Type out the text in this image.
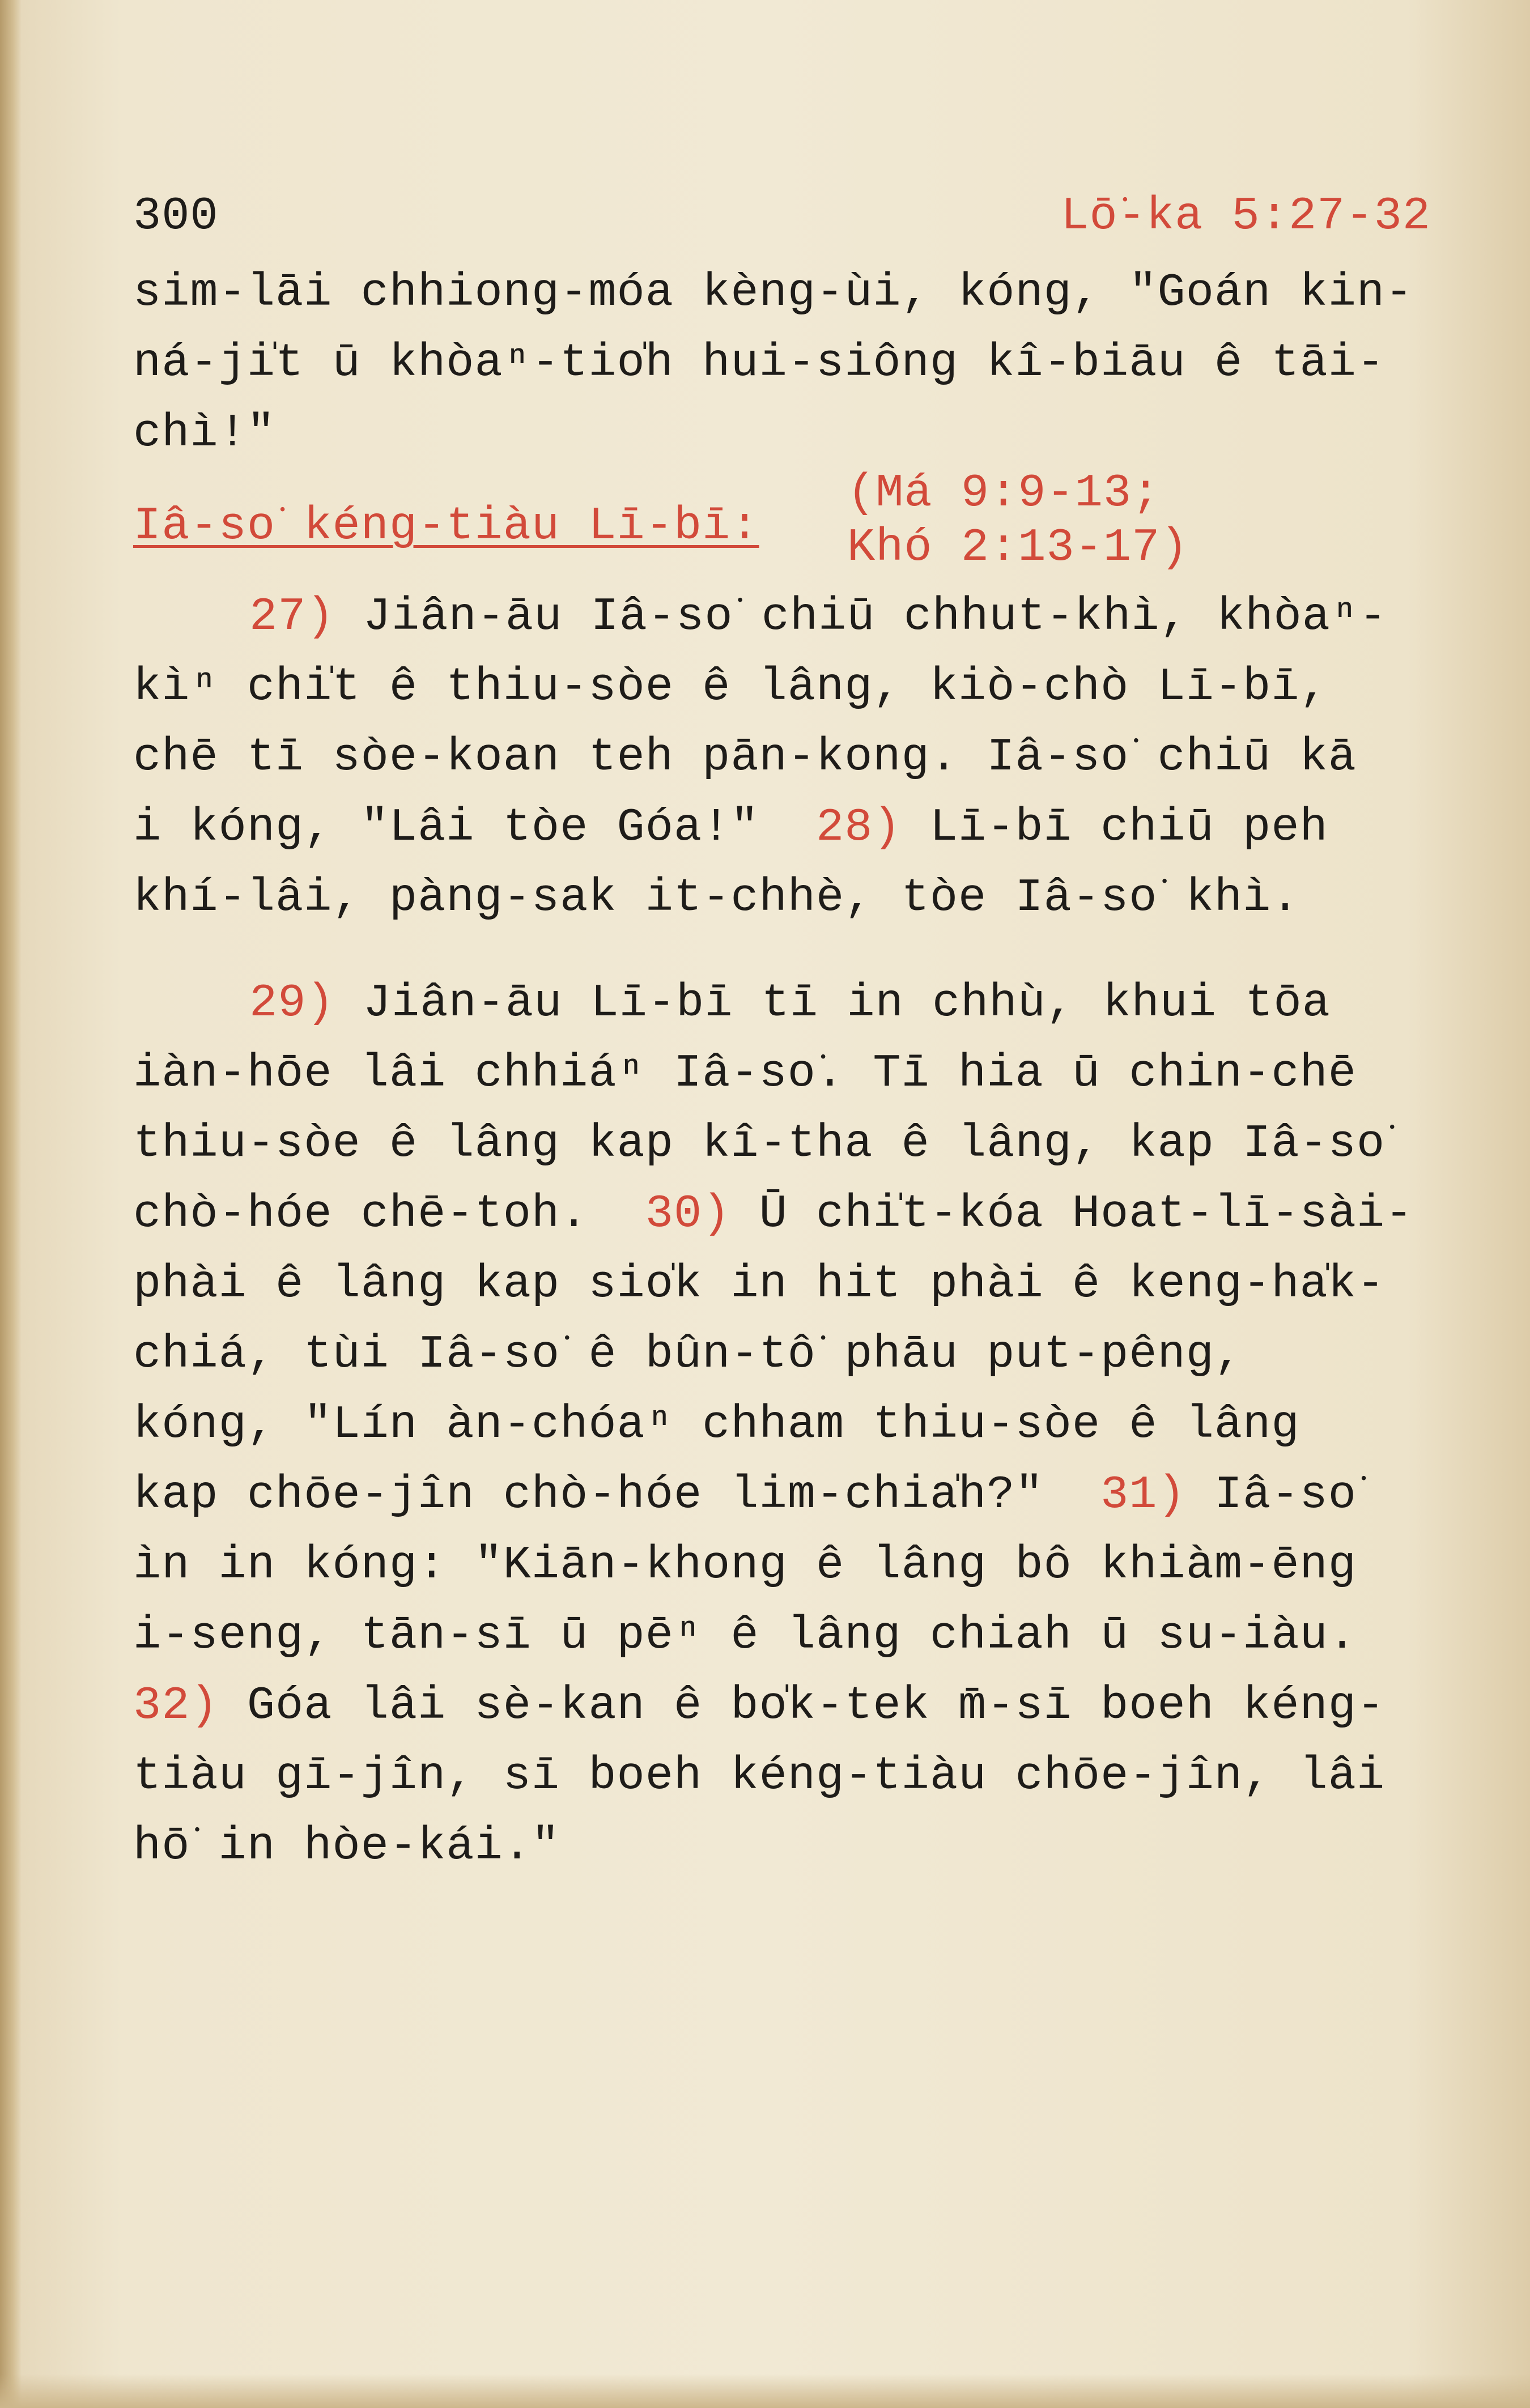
300	Lō͘-ka 5:27-32
sim-lāi chhiong-móa kèng-ùi, kóng, "Goán kin-
ná-ji̍t ū khòaⁿ-tio̍h hui-siông kî-biāu ê tāi-
chì!"
Iâ-so͘ kéng-tiàu Lī-bī:
(Má 9:9-13;
Khó 2:13-17)
27) Jiân-āu Iâ-so͘ chiū chhut-khì, khòaⁿ-
kìⁿ chi̍t ê thiu-sòe ê lâng, kiò-chò Lī-bī,
chē tī sòe-koan teh pān-kong. Iâ-so͘ chiū kā
i kóng, "Lâi tòe Góa!"  28) Lī-bī chiū peh
khí-lâi, pàng-sak it-chhè, tòe Iâ-so͘ khì.
29) Jiân-āu Lī-bī tī in chhù, khui tōa
iàn-hōe lâi chhiáⁿ Iâ-so͘. Tī hia ū chin-chē
thiu-sòe ê lâng kap kî-tha ê lâng, kap Iâ-so͘
chò-hóe chē-toh.  30) Ū chi̍t-kóa Hoat-lī-sài-
phài ê lâng kap sio̍k in hit phài ê keng-ha̍k-
chiá, tùi Iâ-so͘ ê bûn-tô͘ phāu put-pêng,
kóng, "Lín àn-chóaⁿ chham thiu-sòe ê lâng
kap chōe-jîn chò-hóe lim-chia̍h?"  31) Iâ-so͘
ìn in kóng: "Kiān-khong ê lâng bô khiàm-ēng
i-seng, tān-sī ū pēⁿ ê lâng chiah ū su-iàu.
32) Góa lâi sè-kan ê bo̍k-tek m̄-sī boeh kéng-
tiàu gī-jîn, sī boeh kéng-tiàu chōe-jîn, lâi
hō͘ in hòe-kái."
